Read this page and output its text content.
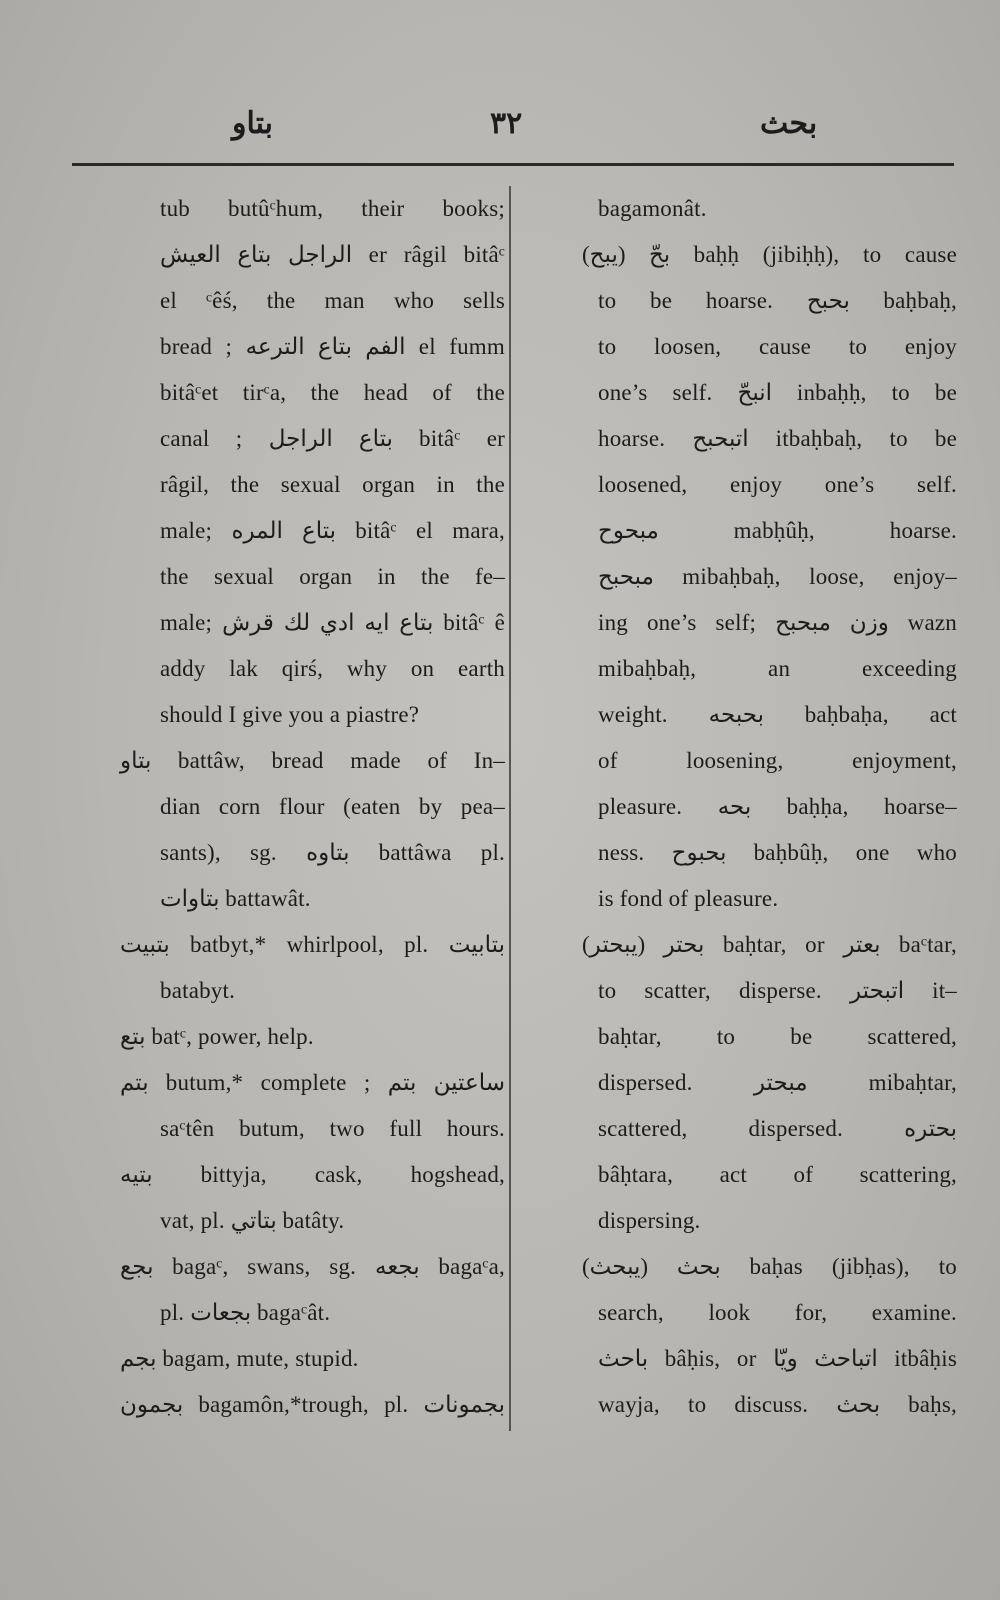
بتاو	٣٢	بحث
tub butûᶜhum, their books;
الراجل بتاع العيش er râgil bitâᶜ
el ᶜêś, the man who sells
bread ; الفم بتاع الترعه el fumm
bitâᶜet tirᶜa, the head of the
canal ; بتاع الراجل bitâᶜ er
râgil, the sexual organ in the
male; بتاع المره bitâᶜ el mara,
the sexual organ in the fe–
male; بتاع ايه ادي لك قرش bitâᶜ ê
addy lak qirś, why on earth
should I give you a piastre?
بتاو battâw, bread made of In–
dian corn flour (eaten by pea–
sants), sg. بتاوه battâwa pl.
بتاوات battawât.
بتبيت batbyt,* whirlpool, pl. بتابيت
batabyt.
بتع batᶜ, power, help.
بتم butum,* complete ; ساعتين بتم
saᶜtên butum, two full hours.
بتيه bittyja, cask, hogshead,
vat, pl. بتاتي batâty.
بجع bagaᶜ, swans, sg. بجعه bagaᶜa,
pl. بجعات bagaᶜât.
بجم bagam, mute, stupid.
بجمون bagamôn,*trough, pl. بجمونات
bagamonât.
بحّ (يبح) baḥḥ (jibiḥḥ), to cause
to be hoarse. بحبح baḥbaḥ,
to loosen, cause to enjoy
one’s self. انبحّ inbaḥḥ, to be
hoarse. اتبحبح itbaḥbaḥ, to be
loosened, enjoy one’s self.
مبحوح mabḥûḥ, hoarse.
مبحبح mibaḥbaḥ, loose, enjoy–
ing one’s self; وزن مبحبح wazn
mibaḥbaḥ, an exceeding
weight. بحبحه baḥbaḥa, act
of loosening, enjoyment,
pleasure. بحه baḥḥa, hoarse–
ness. بحبوح baḥbûḥ, one who
is fond of pleasure.
بحتر (يبحتر) baḥtar, or بعتر baᶜtar,
to scatter, disperse. اتبحتر it–
baḥtar, to be scattered,
dispersed. مبحتر mibaḥtar,
scattered, dispersed. بحتره
bâḥtara, act of scattering,
dispersing.
بحث (يبحث) baḥas (jibḥas), to
search, look for, examine.
باحث bâḥis, or اتباحث ويّا itbâḥis
wayja, to discuss. بحث baḥs,
